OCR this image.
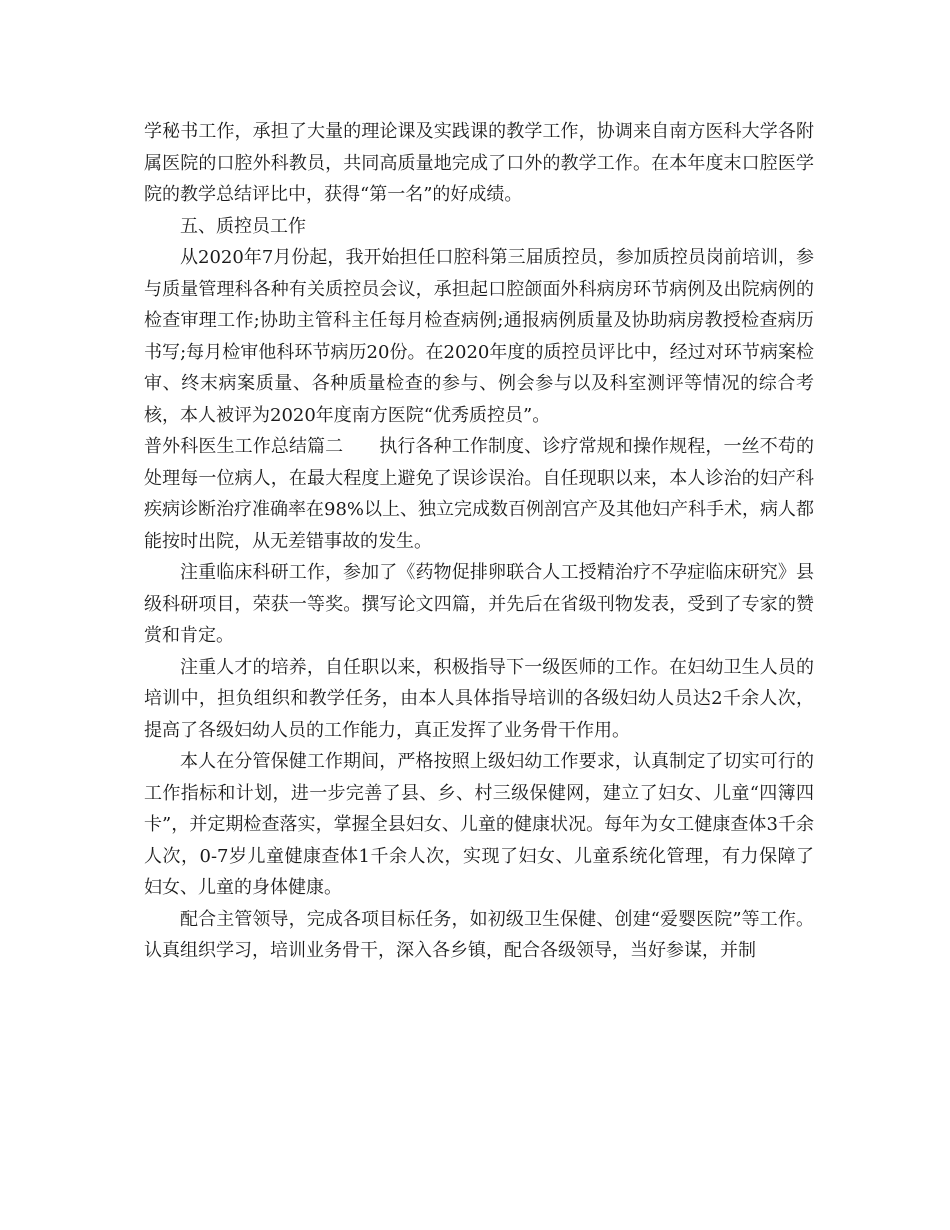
学秘书工作，承担了大量的理论课及实践课的教学工作，协调来自南方医科大学各附属医院的口腔外科教员，共同高质量地完成了口外的教学工作。在本年度末口腔医学院的教学总结评比中，获得“第一名”的好成绩。

五、质控员工作

从2020年7月份起，我开始担任口腔科第三届质控员，参加质控员岗前培训，参与质量管理科各种有关质控员会议，承担起口腔颌面外科病房环节病例及出院病例的检查审理工作;协助主管科主任每月检查病例;通报病例质量及协助病房教授检查病历书写;每月检审他科环节病历20份。在2020年度的质控员评比中，经过对环节病案检审、终末病案质量、各种质量检查的参与、例会参与以及科室测评等情况的综合考核，本人被评为2020年度南方医院“优秀质控员”。

普外科医生工作总结篇二 执行各种工作制度、诊疗常规和操作规程，一丝不苟的处理每一位病人，在最大程度上避免了误诊误治。自任现职以来，本人诊治的妇产科疾病诊断治疗准确率在98%以上、独立完成数百例剖宫产及其他妇产科手术，病人都能按时出院，从无差错事故的发生。

注重临床科研工作，参加了《药物促排卵联合人工授精治疗不孕症临床研究》县级科研项目，荣获一等奖。撰写论文四篇，并先后在省级刊物发表，受到了专家的赞赏和肯定。

注重人才的培养，自任职以来，积极指导下一级医师的工作。在妇幼卫生人员的培训中，担负组织和教学任务，由本人具体指导培训的各级妇幼人员达2千余人次，提高了各级妇幼人员的工作能力，真正发挥了业务骨干作用。

本人在分管保健工作期间，严格按照上级妇幼工作要求，认真制定了切实可行的工作指标和计划，进一步完善了县、乡、村三级保健网，建立了妇女、儿童“四簿四卡”，并定期检查落实，掌握全县妇女、儿童的健康状况。每年为女工健康查体3千余人次，0-7岁儿童健康查体1千余人次，实现了妇女、儿童系统化管理，有力保障了妇女、儿童的身体健康。

配合主管领导，完成各项目标任务，如初级卫生保健、创建“爱婴医院”等工作。认真组织学习，培训业务骨干，深入各乡镇，配合各级领导，当好参谋，并制
